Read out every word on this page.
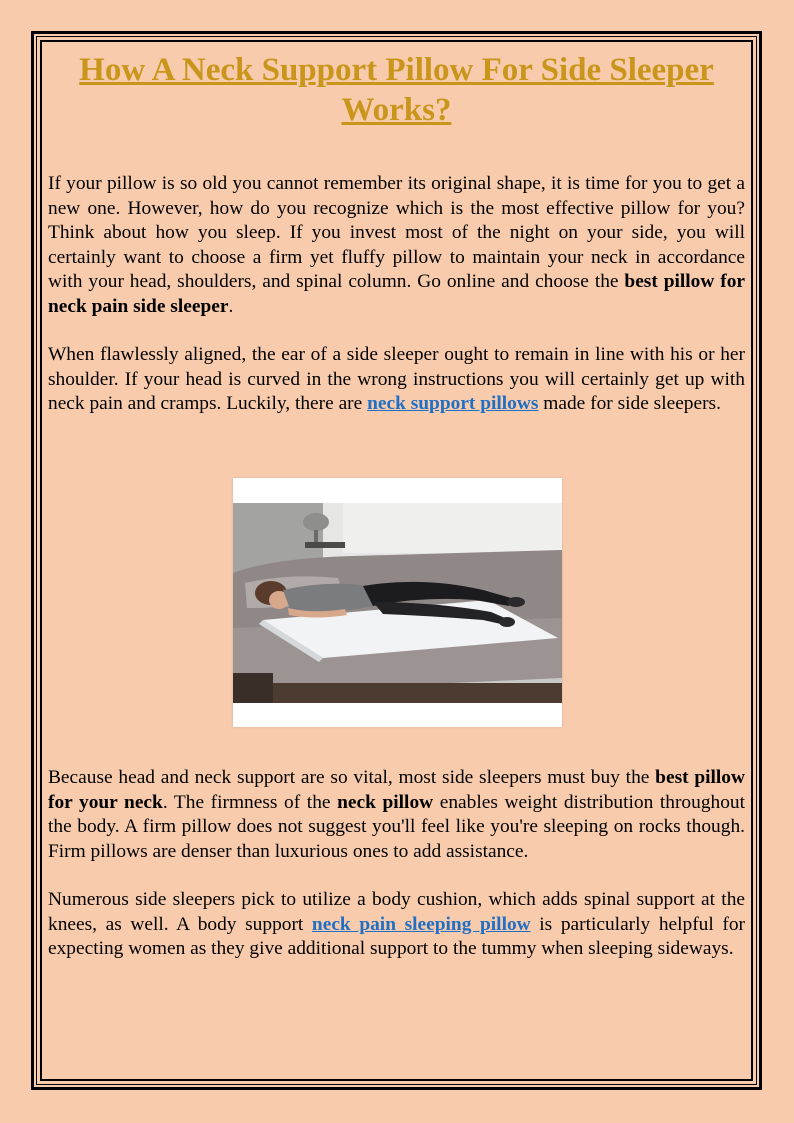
How A Neck Support Pillow For Side Sleeper Works?

If your pillow is so old you cannot remember its original shape, it is time for you to get a new one. However, how do you recognize which is the most effective pillow for you? Think about how you sleep. If you invest most of the night on your side, you will certainly want to choose a firm yet fluffy pillow to maintain your neck in accordance with your head, shoulders, and spinal column. Go online and choose the best pillow for neck pain side sleeper.

When flawlessly aligned, the ear of a side sleeper ought to remain in line with his or her shoulder. If your head is curved in the wrong instructions you will certainly get up with neck pain and cramps. Luckily, there are neck support pillows made for side sleepers.

Because head and neck support are so vital, most side sleepers must buy the best pillow for your neck. The firmness of the neck pillow enables weight distribution throughout the body. A firm pillow does not suggest you'll feel like you're sleeping on rocks though. Firm pillows are denser than luxurious ones to add assistance.

Numerous side sleepers pick to utilize a body cushion, which adds spinal support at the knees, as well. A body support neck pain sleeping pillow is particularly helpful for expecting women as they give additional support to the tummy when sleeping sideways.
